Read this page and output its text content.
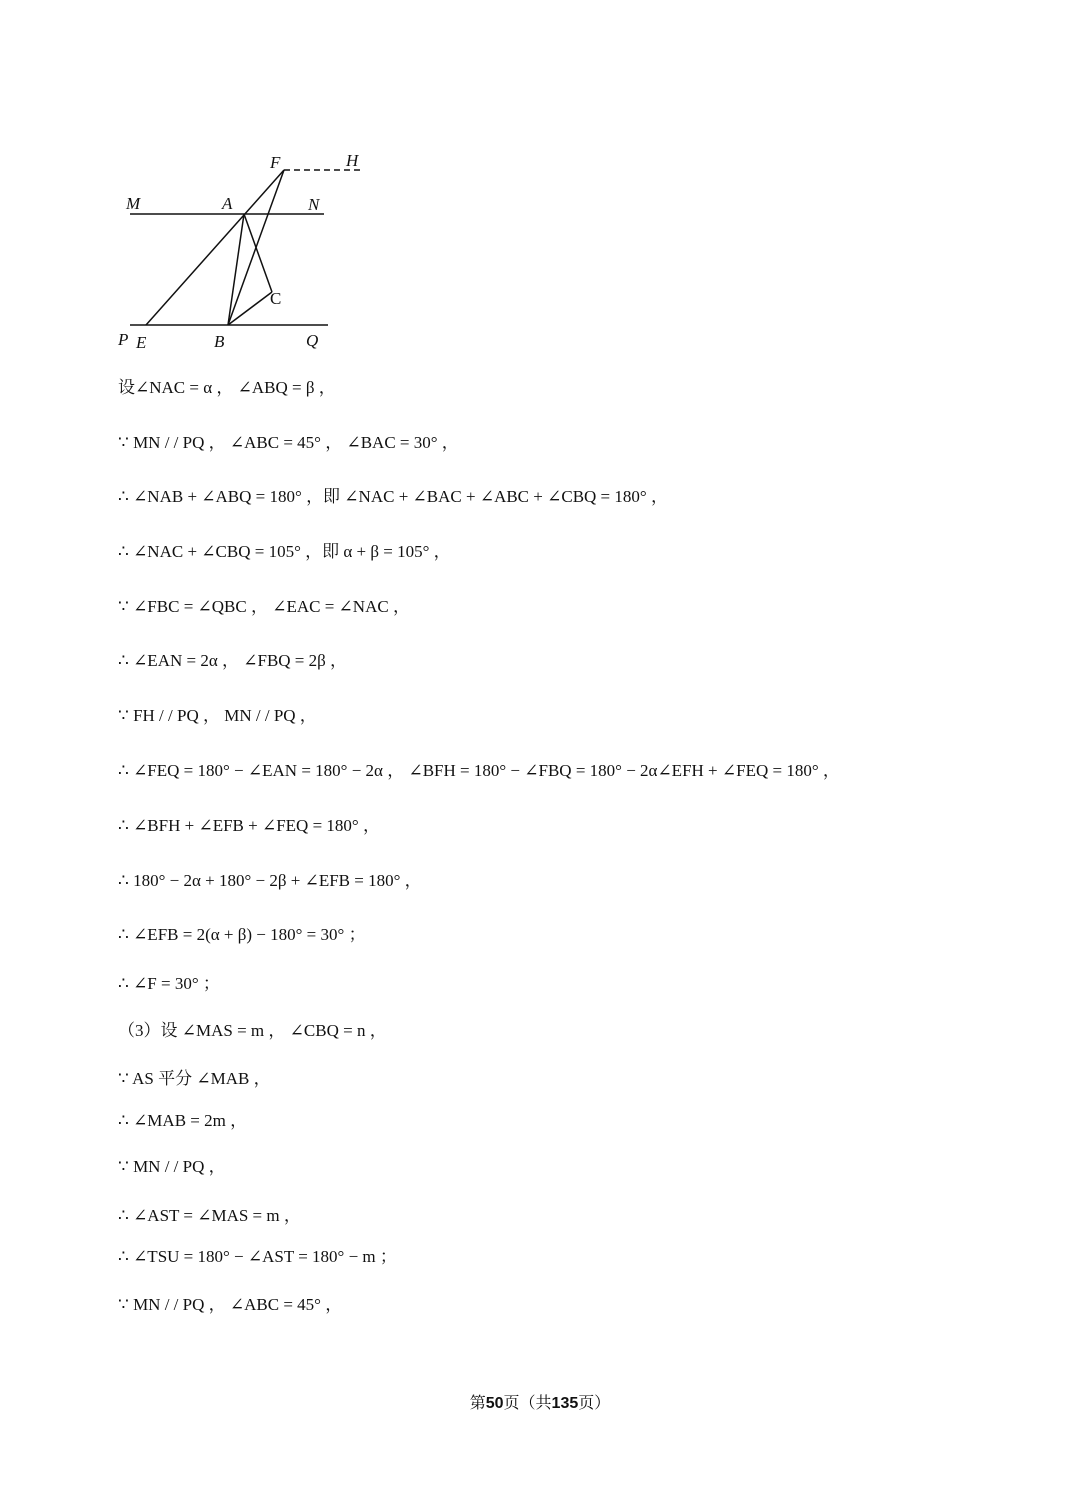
F	H
M	A	N
C
P E	B	Q
设∠NAC = α ， ∠ABQ = β ，
∵ MN / / PQ ， ∠ABC = 45° ， ∠BAC = 30° ，
∴ ∠NAB + ∠ABQ = 180° ，即 ∠NAC + ∠BAC + ∠ABC + ∠CBQ = 180° ，
∴ ∠NAC + ∠CBQ = 105° ，即 α + β = 105° ，
∵ ∠FBC = ∠QBC ， ∠EAC = ∠NAC ，
∴ ∠EAN = 2α ， ∠FBQ = 2β ，
∵ FH / / PQ ， MN / / PQ ，
∴ ∠FEQ = 180° − ∠EAN = 180° − 2α ， ∠BFH = 180° − ∠FBQ = 180° − 2α∠EFH + ∠FEQ = 180° ，
∴ ∠BFH + ∠EFB + ∠FEQ = 180° ，
∴ 180° − 2α + 180° − 2β + ∠EFB = 180° ，
∴ ∠EFB = 2(α + β) − 180° = 30° ；
∴ ∠F = 30° ；
（3）设 ∠MAS = m ， ∠CBQ = n ，
∵ AS 平分 ∠MAB ，
∴ ∠MAB = 2m ，
∵ MN / / PQ ，
∴ ∠AST = ∠MAS = m ，
∴ ∠TSU = 180° − ∠AST = 180° − m ；
∵ MN / / PQ ， ∠ABC = 45° ，
第50页（共135页）
